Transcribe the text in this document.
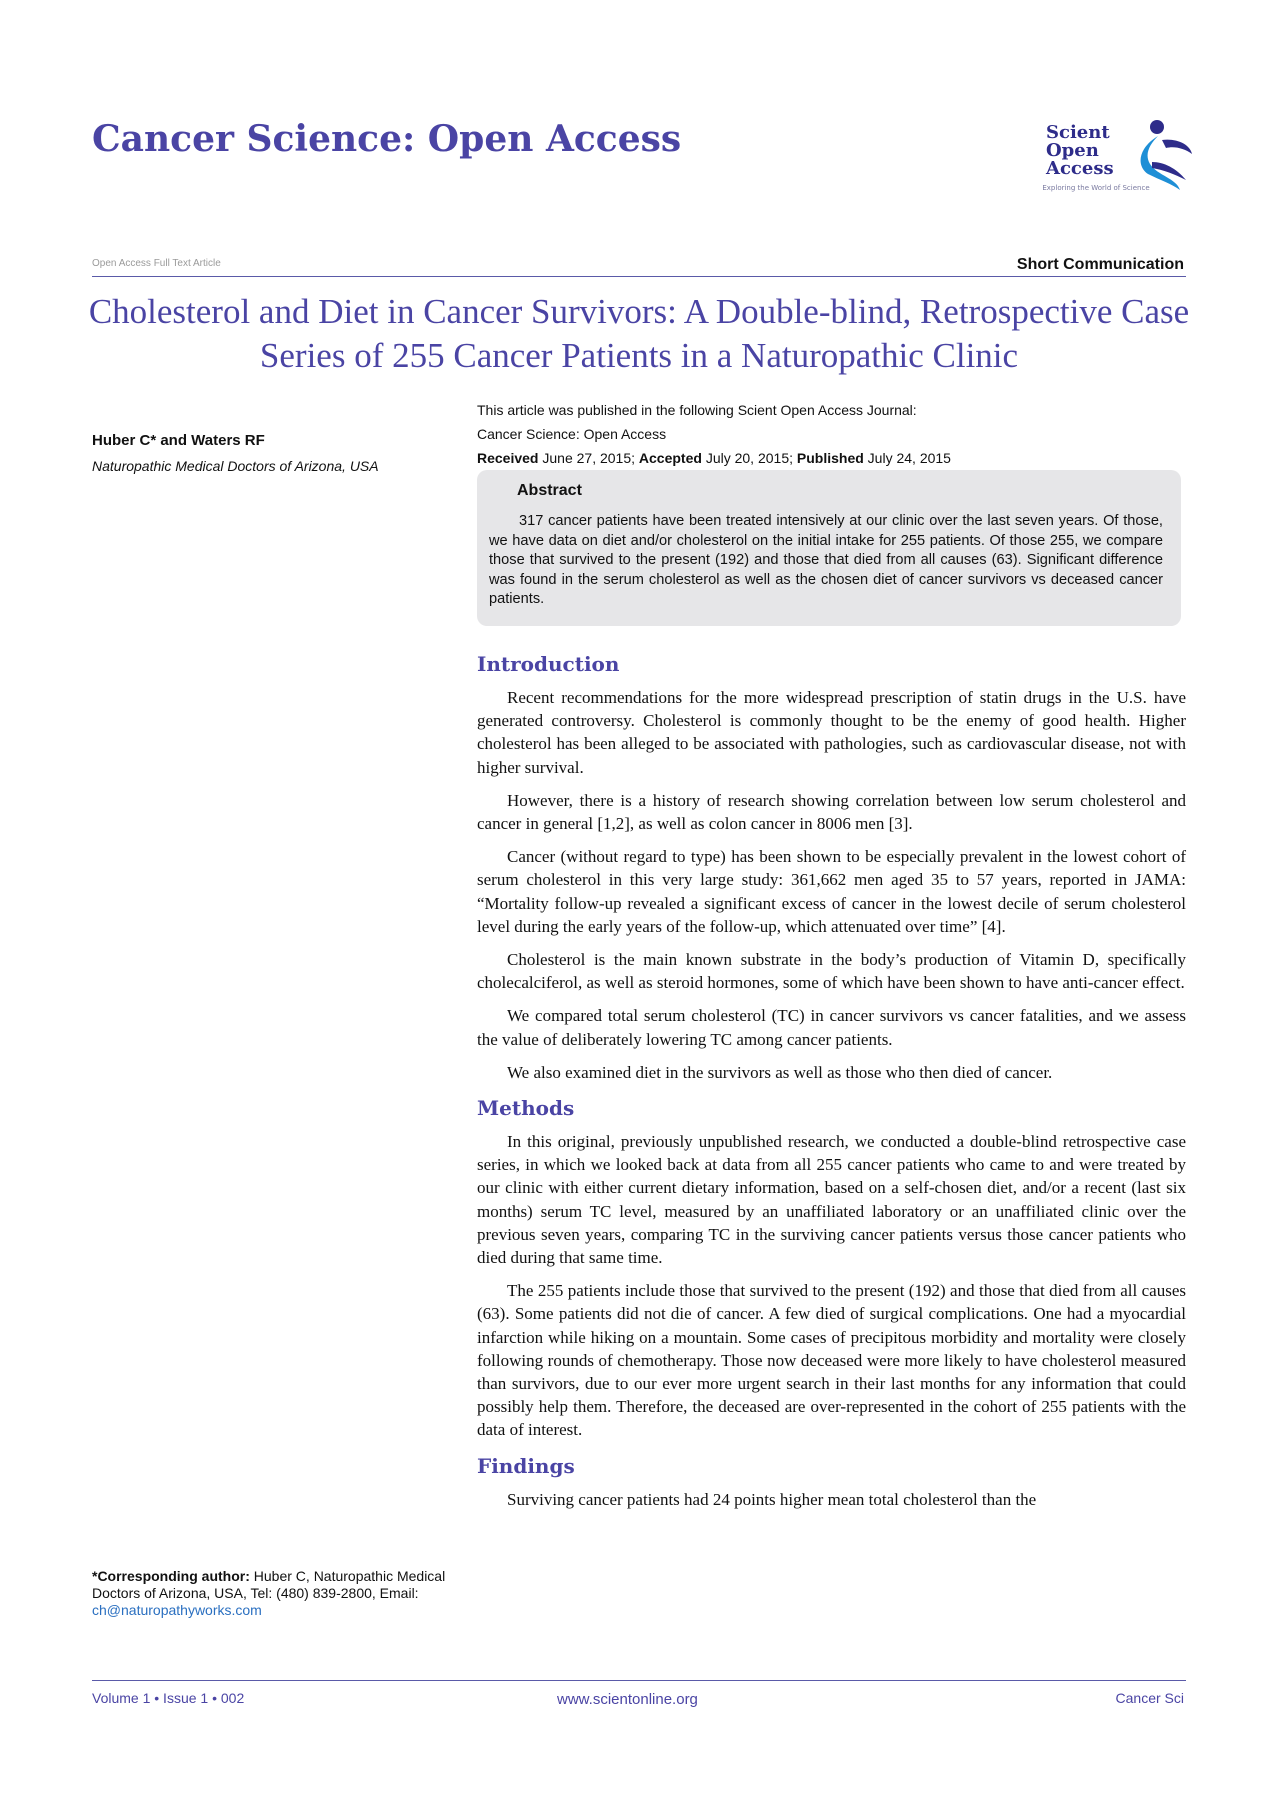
Cancer Science: Open Access	Scient
Open
Access
Exploring the World of Science
Open Access Full Text Article	Short Communication
Cholesterol and Diet in Cancer Survivors: A Double-blind, Retrospective Case Series of 255 Cancer Patients in a Naturopathic Clinic
Huber C* and Waters RF
Naturopathic Medical Doctors of Arizona, USA
This article was published in the following Scient Open Access Journal:
Cancer Science: Open Access
Received June 27, 2015; Accepted July 20, 2015; Published July 24, 2015
Abstract

317 cancer patients have been treated intensively at our clinic over the last seven years. Of those, we have data on diet and/or cholesterol on the initial intake for 255 patients. Of those 255, we compare those that survived to the present (192) and those that died from all causes (63). Significant difference was found in the serum cholesterol as well as the chosen diet of cancer survivors vs deceased cancer patients.

Introduction

Recent recommendations for the more widespread prescription of statin drugs in the U.S. have generated controversy. Cholesterol is commonly thought to be the enemy of good health. Higher cholesterol has been alleged to be associated with pathologies, such as cardiovascular disease, not with higher survival.

However, there is a history of research showing correlation between low serum cholesterol and cancer in general [1,2], as well as colon cancer in 8006 men [3].

Cancer (without regard to type) has been shown to be especially prevalent in the lowest cohort of serum cholesterol in this very large study: 361,662 men aged 35 to 57 years, reported in JAMA: “Mortality follow-up revealed a significant excess of cancer in the lowest decile of serum cholesterol level during the early years of the follow-up, which attenuated over time” [4].

Cholesterol is the main known substrate in the body’s production of Vitamin D, specifically cholecalciferol, as well as steroid hormones, some of which have been shown to have anti-cancer effect.

We compared total serum cholesterol (TC) in cancer survivors vs cancer fatalities, and we assess the value of deliberately lowering TC among cancer patients.

We also examined diet in the survivors as well as those who then died of cancer.

Methods

In this original, previously unpublished research, we conducted a double-blind retrospective case series, in which we looked back at data from all 255 cancer patients who came to and were treated by our clinic with either current dietary information, based on a self-chosen diet, and/or a recent (last six months) serum TC level, measured by an unaffiliated laboratory or an unaffiliated clinic over the previous seven years, comparing TC in the surviving cancer patients versus those cancer patients who died during that same time.

The 255 patients include those that survived to the present (192) and those that died from all causes (63). Some patients did not die of cancer. A few died of surgical complications. One had a myocardial infarction while hiking on a mountain. Some cases of precipitous morbidity and mortality were closely following rounds of chemotherapy. Those now deceased were more likely to have cholesterol measured than survivors, due to our ever more urgent search in their last months for any information that could possibly help them. Therefore, the deceased are over-represented in the cohort of 255 patients with the data of interest.

Findings

Surviving cancer patients had 24 points higher mean total cholesterol than the

*Corresponding author: Huber C, Naturopathic Medical Doctors of Arizona, USA, Tel: (480) 839-2800, Email: ch@naturopathyworks.com
Volume 1 • Issue 1 • 002	www.scientonline.org	Cancer Sci
